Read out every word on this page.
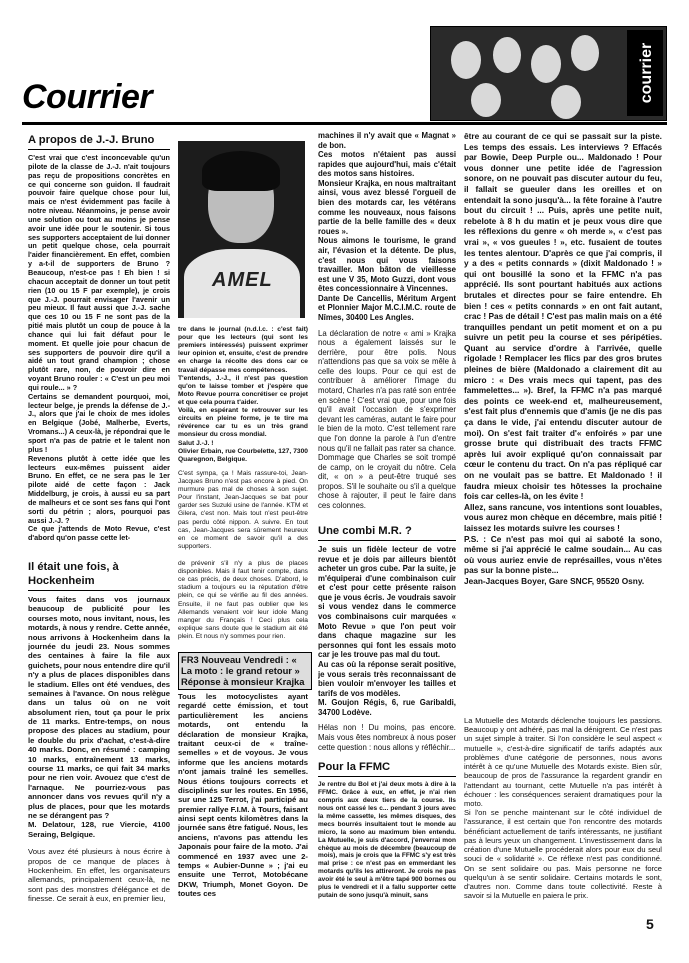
courrier
Courrier
A propos de J.-J. Bruno

C'est vrai que c'est inconcevable qu'un pilote de la classe de J.-J. n'ait toujours pas reçu de propositions concrètes en ce qui concerne son guidon. Il faudrait pouvoir faire quelque chose pour lui, mais ce n'est évidemment pas facile à notre niveau. Néanmoins, je pense avoir une solution ou tout au moins je pense avoir une idée pour le soutenir. Si tous ses supporters acceptaient de lui donner un petit quelque chose, cela pourrait l'aider financièrement. En effet, combien y a-t-il de supporters de Bruno ? Beaucoup, n'est-ce pas ! Eh bien ! si chacun acceptait de donner un tout petit rien (10 ou 15 F par exemple), je crois que J.-J. pourrait envisager l'avenir un peu mieux. Il faut aussi que J.-J. sache que ces 10 ou 15 F ne sont pas de la pitié mais plutôt un coup de pouce à la chance qui lui fait défaut pour le moment. Et quelle joie pour chacun de ses supporters de pouvoir dire qu'il a aidé un tout grand champion ; chose plutôt rare, non, de pouvoir dire en voyant Bruno rouler : « C'est un peu moi qui roule... » ?

Certains se demandent pourquoi, moi, lecteur belge, je prends la défense de J.-J., alors que j'ai le choix de mes idoles en Belgique (Jobé, Malherbe, Everts, Vromans...) A ceux-là, je répondrai que le sport n'a pas de patrie et le talent non plus !

Revenons plutôt à cette idée que les lecteurs eux-mêmes puissent aider Bruno. En effet, ce ne sera pas le 1er pilote aidé de cette façon : Jack Middelburg, je crois, à aussi eu sa part de malheurs et ce sont ses fans qui l'ont sorti du pétrin ; alors, pourquoi pas aussi J.-J. ?

Ce que j'attends de Moto Revue, c'est d'abord qu'on passe cette let-

AMEL

tre dans le journal (n.d.l.c. : c'est fait) pour que les lecteurs (qui sont les premiers intéressés) puissent exprimer leur opinion et, ensuite, c'est de prendre en charge la récolte des dons car ce travail dépasse mes compétences.
T'entends, J.-J., il n'est pas question qu'on te laisse tomber et j'espère que Moto Revue pourra concrétiser ce projet et que cela pourra t'aider.
Voilà, en espérant te retrouver sur les circuits en pleine forme, je te tire ma révérence car tu es un très grand monsieur du cross mondial.
Salut J.-J. !

Olivier Erbain, rue Courbelette, 127, 7300 Quaregnon, Belgique.

C'est sympa, ça ! Mais rassure-toi, Jean-Jacques Bruno n'est pas encore à pied. On murmure pas mal de choses à son sujet. Pour l'instant, Jean-Jacques se bat pour garder ses Suzuki usine de l'année. KTM et Gilera, c'est non. Mais tout n'est peut-être pas perdu côté nippon. A suivre. En tout cas, Jean-Jacques sera sûrement heureux en ce moment de savoir qu'il a des supporters.

Il était une fois, à Hockenheim

Vous faites dans vos journaux beaucoup de publicité pour les courses moto, nous invitant, nous, les motards, à nous y rendre. Cette année, nous arrivons à Hockenheim dans la journée du jeudi 23. Nous sommes des centaines à faire la file aux guichets, pour nous entendre dire qu'il n'y a plus de places disponibles dans le stadium. Elles ont été vendues, des semaines à l'avance. On nous relègue dans un talus où on ne voit absolument rien, tout ça pour le prix de 11 marks. Entre-temps, on nous propose des places au stadium, pour le double du prix d'achat, c'est-à-dire 40 marks. Donc, en résumé : camping 10 marks, entraînement 13 marks, course 11 marks, ce qui fait 34 marks pour ne rien voir. Avouez que c'est de l'arnaque. Ne pourriez-vous pas annoncer dans vos revues qu'il n'y a plus de places, pour que les motards ne se dérangent pas ?

M. Delatour, 128, rue Viercie, 4100 Seraing, Belgique.

Vous avez été plusieurs à nous écrire à propos de ce manque de places à Hockenheim. En effet, les organisateurs allemands, principalement ceux-là, ne sont pas des monstres d'élégance et de finesse. Ce serait à eux, en premier lieu,

de prévenir s'il n'y a plus de places disponibles. Mais il faut tenir compte, dans ce cas précis, de deux choses. D'abord, le stadium a toujours eu la réputation d'être plein, ce qui se vérifie au fil des années. Ensuite, il ne faut pas oublier que les Allemands venaient voir leur idole Mang manger du Français ! Ceci plus cela explique sans doute que le stadium ait été plein. Et nous n'y sommes pour rien.

FR3 Nouveau Vendredi : « La moto : le grand retour » Réponse à monsieur Krajka

Tous les motocyclistes ayant regardé cette émission, et tout particulièrement les anciens motards, ont entendu la déclaration de monsieur Krajka, traitant ceux-ci de « traîne-semelles » et de voyous. Je vous informe que les anciens motards n'ont jamais traîné les semelles. Nous étions toujours corrects et disciplinés sur les routes. En 1956, sur une 125 Terrot, j'ai participé au premier rallye F.I.M. à Tours, faisant ainsi sept cents kilomètres dans la journée sans être fatigué. Nous, les anciens, n'avons pas attendu les Japonais pour faire de la moto. J'ai commencé en 1937 avec une 2-temps « Aubier-Dunne » ; j'ai eu ensuite une Terrot, Motobécane DKW, Triumph, Monet Goyon. De toutes ces

machines il n'y avait que « Magnat » de bon.
Ces motos n'étaient pas aussi rapides que aujourd'hui, mais c'était des motos sans histoires.
Monsieur Krajka, en nous maltraitant ainsi, vous avez blessé l'orgueil de bien des motards car, les vétérans comme les nouveaux, nous faisons partie de la belle famille des « deux roues ».
Nous aimons le tourisme, le grand air, l'évasion et la détente. De plus, c'est nous qui vous faisons travailler. Mon bâton de vieillesse est une V 35, Moto Guzzi, dont vous êtes concessionnaire à Vincennes.

Dante De Cancellis, Méritum Argent et Plonnier Major M.C.I.M.C. route de Nîmes, 30400 Les Angles.

La déclaration de notre « ami » Krajka nous a également laissés sur le derrière, pour être polis. Nous n'attendions pas que sa voix se mêle à celle des loups. Pour ce qui est de contribuer à améliorer l'image du motard, Charles n'a pas raté son entrée en scène ! C'est vrai que, pour une fois qu'il avait l'occasion de s'exprimer devant les caméras, autant le faire pour le bien de la moto. C'est tellement rare que l'on donne la parole à l'un d'entre nous qu'il ne fallait pas rater sa chance. Dommage que Charles se soit trompé de camp, on le croyait du nôtre. Cela dit, « on » a peut-être truqué ses propos. S'il le souhaite ou s'il a quelque chose à rajouter, il peut le faire dans ces colonnes.

Une combi M.R. ?

Je suis un fidèle lecteur de votre revue et je dois par ailleurs bientôt acheter un gros cube. Par la suite, je m'équiperai d'une combinaison cuir et c'est pour cette présente raison que je vous écris. Je voudrais savoir si vous vendez dans le commerce vos combinaisons cuir marquées « Moto Revue » que l'on peut voir dans chaque magazine sur les personnes qui font les essais moto car je les trouve pas mal du tout.
Au cas où la réponse serait positive, je vous serais très reconnaissant de bien vouloir m'envoyer les tailles et tarifs de vos modèles.

M. Goujon Régis, 6, rue Garibaldi, 34700 Lodève.

Hélas non ! Du moins, pas encore. Mais vous êtes nombreux à nous poser cette question : nous allons y réfléchir...

Pour la FFMC

Je rentre du Bol et j'ai deux mots à dire à la FFMC. Grâce à eux, en effet, je n'ai rien compris aux deux tiers de la course. Ils nous ont cassé les c... pendant 3 jours avec la même cassette, les mêmes disques, des mecs bourrés insultaient tout le monde au micro, la sono au maximum bien entendu. La Mutuelle, je suis d'accord, j'enverrai mon chèque au mois de décembre (beaucoup de mois), mais je crois que la FFMC s'y est très mal prise : ce n'est pas en emmerdant les motards qu'ils les attireront. Je crois ne pas avoir été le seul à m'être tapé 900 bornes ou plus le vendredi et il a fallu supporter cette putain de sono jusqu'à minuit, sans

être au courant de ce qui se passait sur la piste. Les temps des essais. Les interviews ? Effacés par Bowie, Deep Purple ou... Maldonado ! Pour vous donner une petite idée de l'agression sonore, on ne pouvait pas discuter autour du feu, il fallait se gueuler dans les oreilles et on entendait la sono jusqu'à... la fête foraine à l'autre bout du circuit ! ... Puis, après une petite nuit, rebelote à 8 h du matin et je peux vous dire que les réflexions du genre « oh merde », « c'est pas vrai », « vos gueules ! », etc. fusaient de toutes les tentes alentour. D'après ce que j'ai compris, il y a des « petits connards » (dixit Maldonado ! » qui ont bousillé la sono et la FFMC n'a pas apprécié. Ils sont pourtant habitués aux actions brutales et directes pour se faire entendre. Eh bien ! ces « petits connards » en ont fait autant, crac ! Pas de détail ! C'est pas malin mais on a été tranquilles pendant un petit moment et on a pu suivre un petit peu la course et ses péripéties. Quant au service d'ordre à l'arrivée, quelle rigolade ! Remplacer les flics par des gros brutes pleines de bière (Maldonado a clairement dit au micro : « Des vrais mecs qui tapent, pas des fammelettes... »). Bref, la FFMC n'a pas marqué des points ce week-end et, malheureusement, s'est fait plus d'ennemis que d'amis (je ne dis pas ça dans le vide, j'ai entendu discuter autour de moi). On s'est fait traiter d'« enfoirés » par une grosse brute qui distribuait des tracts FFMC après lui avoir expliqué qu'on connaissait par cœur le contenu du tract. On n'a pas répliqué car on ne voulait pas se battre. Et Maldonado ! il faudra mieux choisir tes hôtesses la prochaine fois car celles-là, on les évite !
Allez, sans rancune, vos intentions sont louables, vous aurez mon chèque en décembre, mais pitié ! laissez les motards suivre les courses !
P.S. : Ce n'est pas moi qui ai saboté la sono, même si j'ai apprécié le calme soudain... Au cas où vous auriez envie de représailles, vous n'êtes pas sur la bonne piste...

Jean-Jacques Boyer, Gare SNCF, 95520 Osny.

La Mutuelle des Motards déclenche toujours les passions. Beaucoup y ont adhéré, pas mal la dénigrent. Ce n'est pas un sujet simple à traiter. Si l'on considère le seul aspect « mutuelle », c'est-à-dire significatif de tarifs adaptés aux problèmes d'une catégorie de personnes, nous avons intérêt à ce qu'une Mutuelle des Motards existe. Bien sûr, beaucoup de pros de l'assurance la regardent grandir en l'attendant au tournant, cette Mutuelle n'a pas intérêt à échouer : les conséquences seraient dramatiques pour la moto.
Si l'on se penche maintenant sur le côté individuel de l'assurance, il est certain que l'on rencontre des motards bénéficiant actuellement de tarifs intéressants, ne justifiant pas à leurs yeux un changement. L'investissement dans la création d'une Mutuelle procéderait alors pour eux du seul souci de « solidarité ». Ce réflexe n'est pas conditionné. On se sent solidaire ou pas. Mais personne ne force quelqu'un à se sentir solidaire. Certains motards le sont, d'autres non. Comme dans toute collectivité. Reste à savoir si la Mutuelle en paiera le prix.

5
